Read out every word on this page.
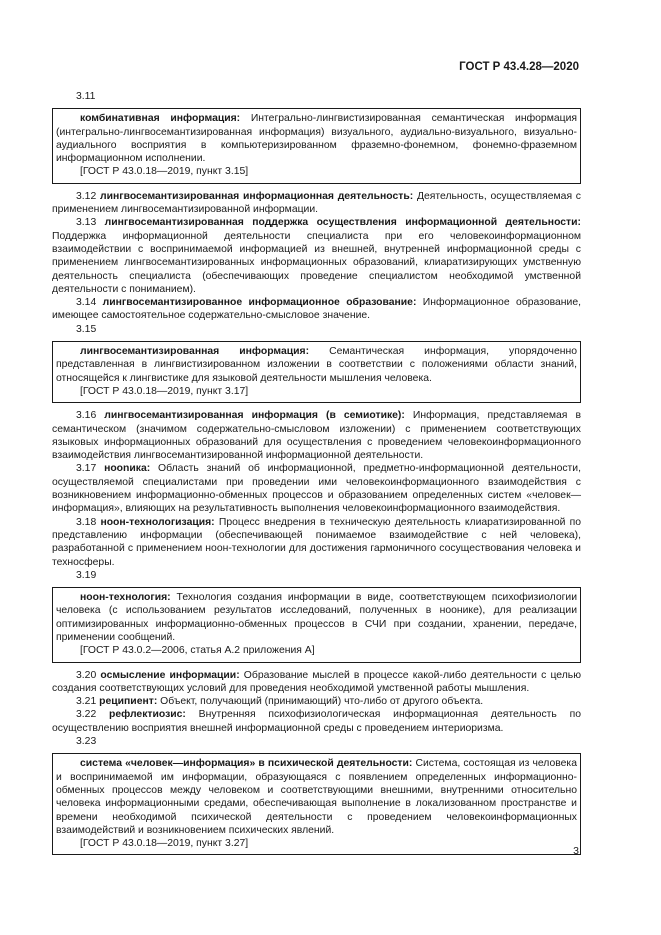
ГОСТ Р 43.4.28—2020

3.11

комбинативная информация: Интегрально-лингвистизированная семантическая информация (интегрально-лингвосемантизированная информация) визуального, аудиально-визуального, визуально-аудиального восприятия в компьютеризированном фраземно-фонемном, фонемно-фраземном информационном исполнении.

[ГОСТ Р 43.0.18—2019, пункт 3.15]

3.12 лингвосемантизированная информационная деятельность: Деятельность, осуществляемая с применением лингвосемантизированной информации.

3.13 лингвосемантизированная поддержка осуществления информационной деятельности: Поддержка информационной деятельности специалиста при его человекоинформационном взаимодействии с воспринимаемой информацией из внешней, внутренней информационной среды с применением лингвосемантизированных информационных образований, клиаратизирующих умственную деятельность специалиста (обеспечивающих проведение специалистом необходимой умственной деятельности с пониманием).

3.14 лингвосемантизированное информационное образование: Информационное образование, имеющее самостоятельное содержательно-смысловое значение.

3.15

лингвосемантизированная информация: Семантическая информация, упорядоченно представленная в лингвистизированном изложении в соответствии с положениями области знаний, относящейся к лингвистике для языковой деятельности мышления человека.

[ГОСТ Р 43.0.18—2019, пункт 3.17]

3.16 лингвосемантизированная информация (в семиотике): Информация, представляемая в семантическом (значимом содержательно-смысловом изложении) с применением соответствующих языковых информационных образований для осуществления с проведением человекоинформационного взаимодействия лингвосемантизированной информационной деятельности.

3.17 ноonика: Область знаний об информационной, предметно-информационной деятельности, осуществляемой специалистами при проведении ими человекоинформационного взаимодействия с возникновением информационно-обменных процессов и образованием определенных систем «человек—информация», влияющих на результативность выполнения человекоинформационного взаимодействия.

3.18 ноон-технологизация: Процесс внедрения в техническую деятельность клиаратизированной по представлению информации (обеспечивающей понимаемое взаимодействие с ней человека), разработанной с применением ноон-технологии для достижения гармоничного сосуществования человека и техносферы.

3.19

ноон-технология: Технология создания информации в виде, соответствующем психофизиологии человека (с использованием результатов исследований, полученных в ноонике), для реализации оптимизированных информационно-обменных процессов в СЧИ при создании, хранении, передаче, применении сообщений.

[ГОСТ Р 43.0.2—2006, статья А.2 приложения А]

3.20 осмысление информации: Образование мыслей в процессе какой-либо деятельности с целью создания соответствующих условий для проведения необходимой умственной работы мышления.

3.21 реципиент: Объект, получающий (принимающий) что-либо от другого объекта.

3.22 рефлектиозис: Внутренняя психофизиологическая информационная деятельность по осуществлению восприятия внешней информационной среды с проведением интериоризма.

3.23

система «человек—информация» в психической деятельности: Система, состоящая из человека и воспринимаемой им информации, образующаяся с появлением определенных информационно-обменных процессов между человеком и соответствующими внешними, внутренними относительно человека информационными средами, обеспечивающая выполнение в локализованном пространстве и времени необходимой психической деятельности с проведением человекоинформационных взаимодействий и возникновением психических явлений.

[ГОСТ Р 43.0.18—2019, пункт 3.27]

3
